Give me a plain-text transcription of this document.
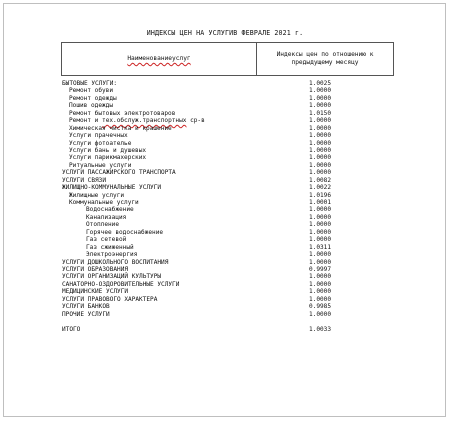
ИНДЕКСЫ ЦЕН НА УСЛУГИВ ФЕВРАЛЕ 2021 г.
Наименованиеуслуг	
Индексы цен по отношению к
предыдущему месяцу
БЫТОВЫЕ УСЛУГИ:	1.0025
Ремонт обуви	1.0000
Ремонт одежды	1.0000
Пошив одежды	1.0000
Ремонт бытовых электротоваров	1.0150
Ремонт и тех.обслуж.транспортных ср-в	1.0000
Химическая чистка и крашение	1.0000
Услуги прачечных	1.0000
Услуги фотоателье	1.0000
Услуги бань и душевых	1.0000
Услуги парикмахерских	1.0000
Ритуальные услуги	1.0000
УСЛУГИ ПАССАЖИРСКОГО ТРАНСПОРТА	1.0000
УСЛУГИ СВЯЗИ	1.0082
ЖИЛИЩНО-КОММУНАЛЬНЫЕ УСЛУГИ	1.0022
Жилищные услуги	1.0196
Коммунальные услуги	1.0001
Водоснабжение	1.0000
Канализация	1.0000
Отопление	1.0000
Горячее водоснабжение	1.0000
Газ сетевой	1.0000
Газ сжиженный	1.0311
Электроэнергия	1.0000
УСЛУГИ ДОШКОЛЬНОГО ВОСПИТАНИЯ	1.0000
УСЛУГИ ОБРАЗОВАНИЯ	0.9997
УСЛУГИ ОРГАНИЗАЦИЙ КУЛЬТУРЫ	1.0000
САНАТОРНО-ОЗДОРОВИТЕЛЬНЫЕ УСЛУГИ	1.0000
МЕДИЦИНСКИЕ УСЛУГИ	1.0000
УСЛУГИ ПРАВОВОГО ХАРАКТЕРА	1.0000
УСЛУГИ БАНКОВ	0.9985
ПРОЧИЕ УСЛУГИ	1.0000
ИТОГО	1.0033
